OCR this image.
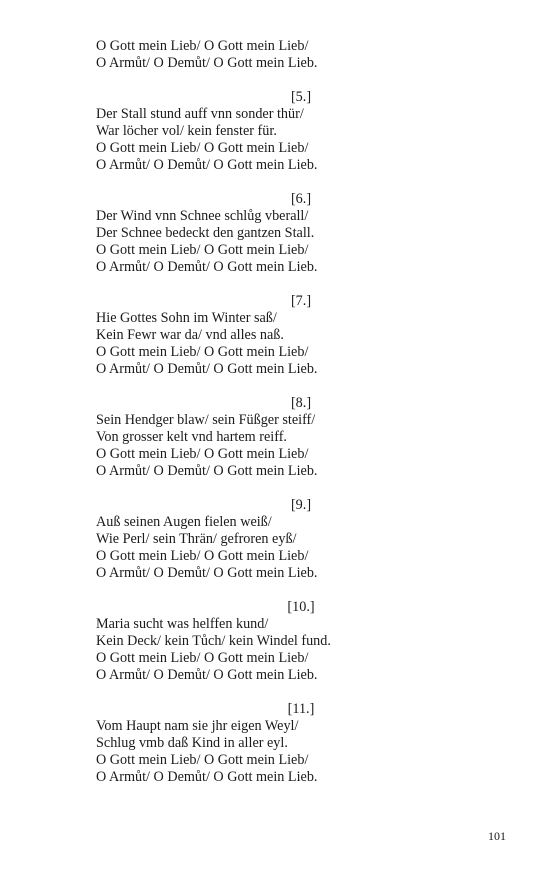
O Gott mein Lieb/ O Gott mein Lieb/
O Armůt/ O Demůt/ O Gott mein Lieb.
[5.]
Der Stall stund auff vnn sonder thür/
War löcher vol/ kein fenster für.
O Gott mein Lieb/ O Gott mein Lieb/
O Armůt/ O Demůt/ O Gott mein Lieb.
[6.]
Der Wind vnn Schnee schlůg vberall/
Der Schnee bedeckt den gantzen Stall.
O Gott mein Lieb/ O Gott mein Lieb/
O Armůt/ O Demůt/ O Gott mein Lieb.
[7.]
Hie Gottes Sohn im Winter saß/
Kein Fewr war da/ vnd alles naß.
O Gott mein Lieb/ O Gott mein Lieb/
O Armůt/ O Demůt/ O Gott mein Lieb.
[8.]
Sein Hendger blaw/ sein Füßger steiff/
Von grosser kelt vnd hartem reiff.
O Gott mein Lieb/ O Gott mein Lieb/
O Armůt/ O Demůt/ O Gott mein Lieb.
[9.]
Auß seinen Augen fielen weiß/
Wie Perl/ sein Thrän/ gefroren eyß/
O Gott mein Lieb/ O Gott mein Lieb/
O Armůt/ O Demůt/ O Gott mein Lieb.
[10.]
Maria sucht was helffen kund/
Kein Deck/ kein Tůch/ kein Windel fund.
O Gott mein Lieb/ O Gott mein Lieb/
O Armůt/ O Demůt/ O Gott mein Lieb.
[11.]
Vom Haupt nam sie jhr eigen Weyl/
Schlug vmb daß Kind in aller eyl.
O Gott mein Lieb/ O Gott mein Lieb/
O Armůt/ O Demůt/ O Gott mein Lieb.
101
